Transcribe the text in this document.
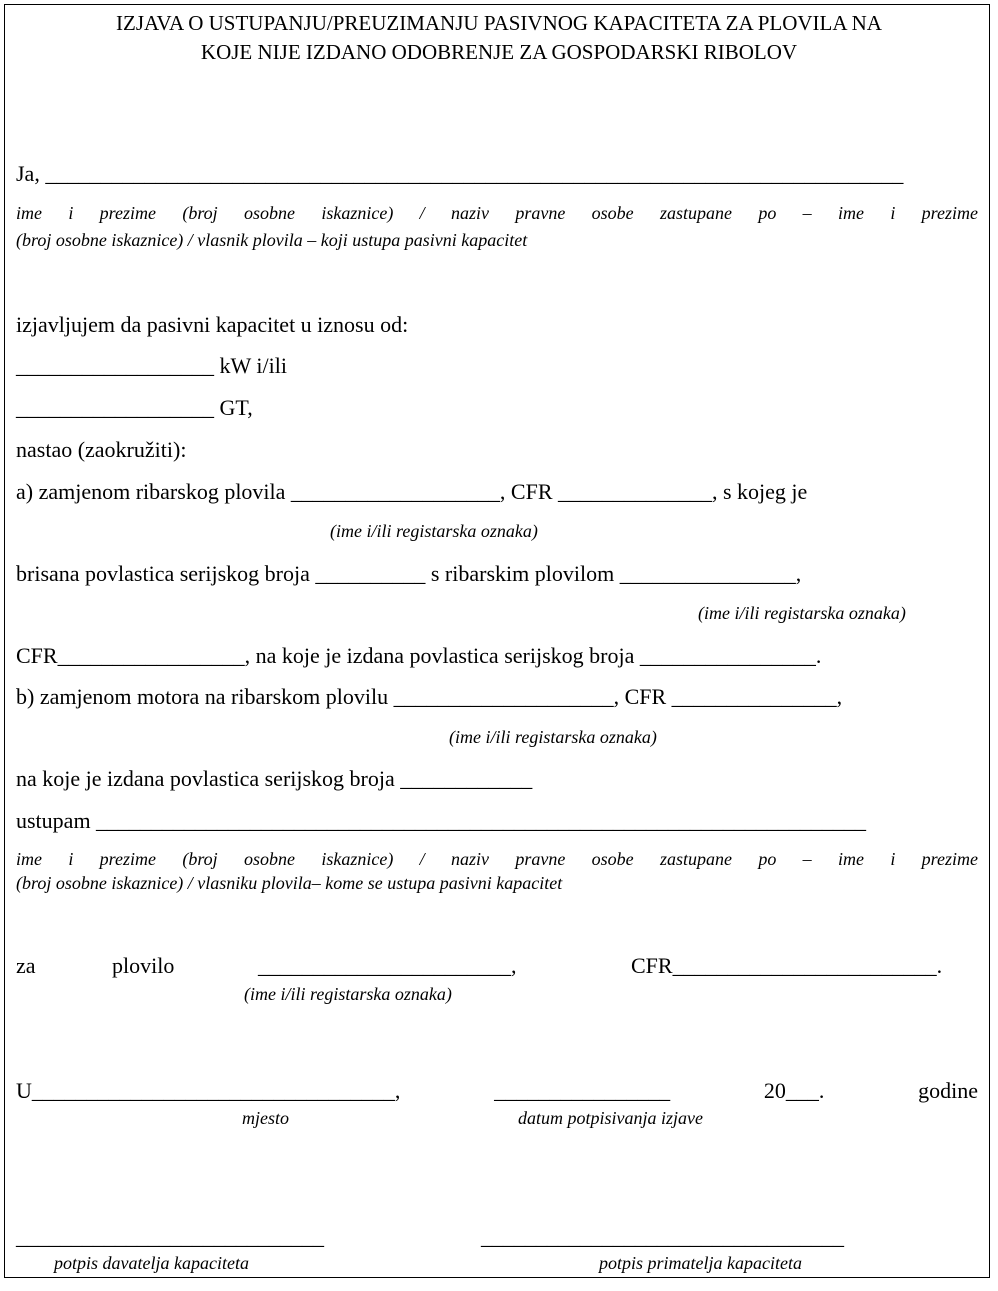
IZJAVA O USTUPANJU/PREUZIMANJU PASIVNOG KAPACITETA ZA PLOVILA NA
KOJE NIJE IZDANO ODOBRENJE ZA GOSPODARSKI RIBOLOV
Ja, ______________________________________________________________________________
ime i prezime (broj osobne iskaznice) / naziv pravne osobe zastupane po – ime i prezime
(broj osobne iskaznice) / vlasnik plovila – koji ustupa pasivni kapacitet
izjavljujem da pasivni kapacitet u iznosu od:
__________________ kW i/ili
__________________ GT,
nastao (zaokružiti):
a) zamjenom ribarskog plovila ___________________, CFR ______________, s kojeg je
(ime i/ili registarska oznaka)
brisana povlastica serijskog broja __________ s ribarskim plovilom ________________,
(ime i/ili registarska oznaka)
CFR_________________, na koje je izdana povlastica serijskog broja ________________.
b) zamjenom motora na ribarskom plovilu ____________________, CFR _______________,
(ime i/ili registarska oznaka)
na koje je izdana povlastica serijskog broja ____________
ustupam ______________________________________________________________________
ime i prezime (broj osobne iskaznice) / naziv pravne osobe zastupane po – ime i prezime
(broj osobne iskaznice) / vlasniku plovila– kome se ustupa pasivni kapacitet
za	plovilo	_______________________,	CFR________________________.
(ime i/ili registarska oznaka)
U_________________________________,	________________	20___.	godine
mjesto	datum potpisivanja izjave
____________________________	_________________________________
potpis davatelja kapaciteta	potpis primatelja kapaciteta
